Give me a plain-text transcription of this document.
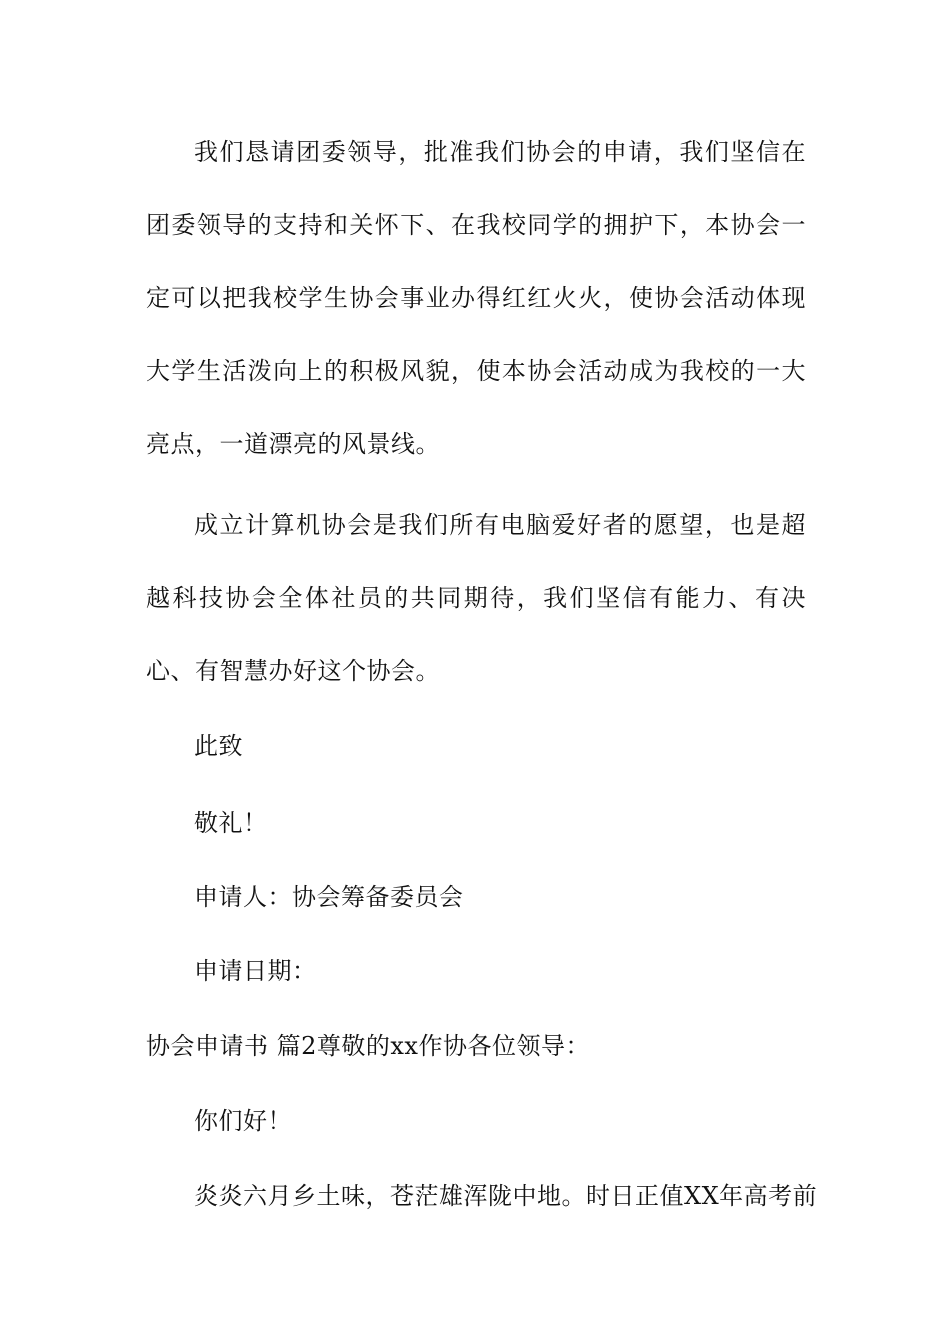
我们恳请团委领导，批准我们协会的申请，我们坚信在团委领导的支持和关怀下、在我校同学的拥护下，本协会一定可以把我校学生协会事业办得红红火火，使协会活动体现大学生活泼向上的积极风貌，使本协会活动成为我校的一大亮点，一道漂亮的风景线。

成立计算机协会是我们所有电脑爱好者的愿望，也是超越科技协会全体社员的共同期待，我们坚信有能力、有决心、有智慧办好这个协会。

此致

敬礼！

申请人：协会筹备委员会

申请日期：

协会申请书 篇2尊敬的xx作协各位领导：

你们好！

炎炎六月乡土味，苍茫雄浑陇中地。时日正值XX年高考前
